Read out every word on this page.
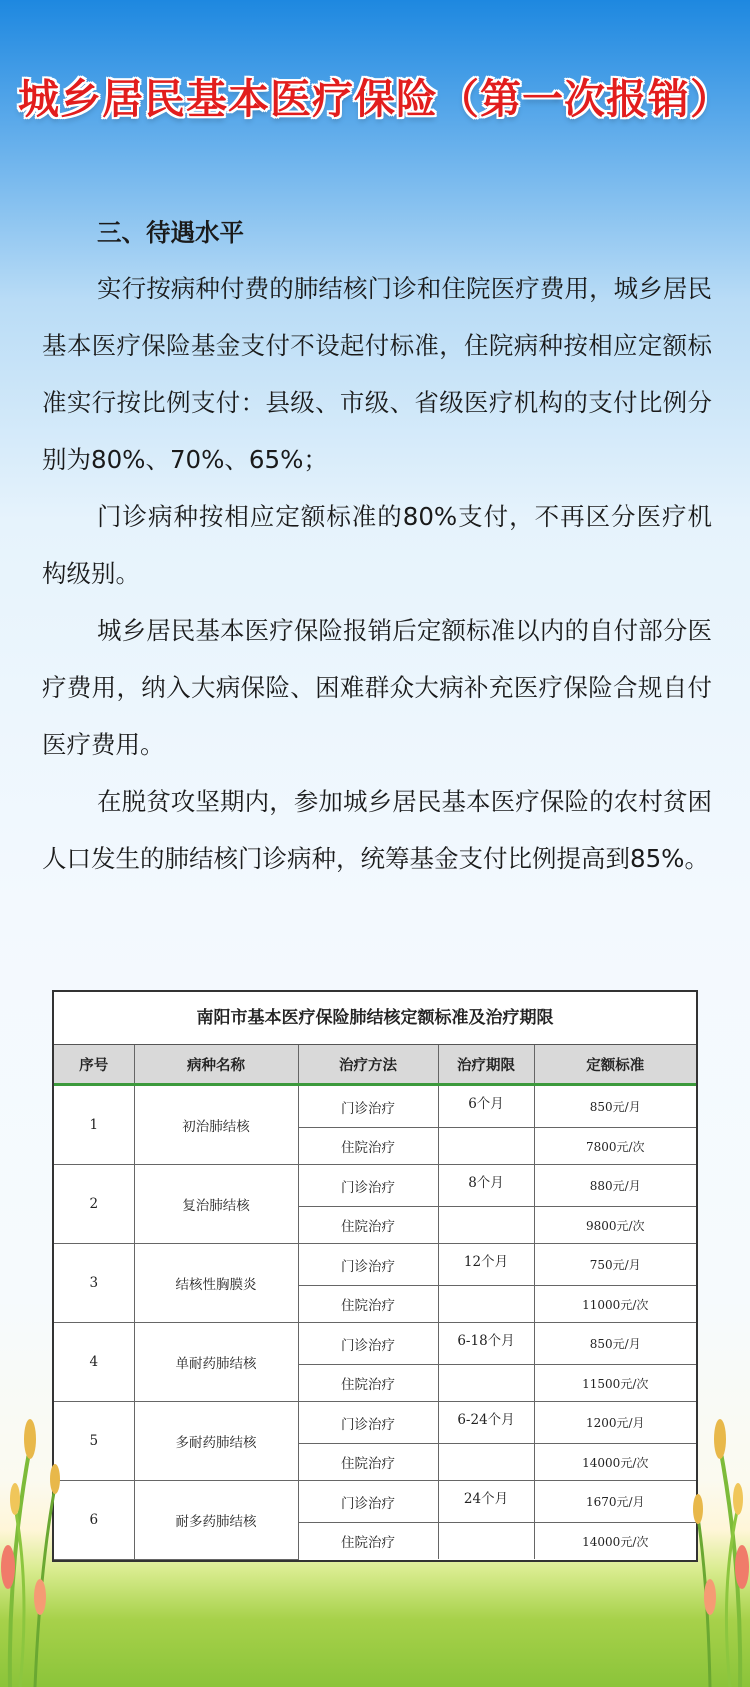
城乡居民基本医疗保险（第一次报销）
三、待遇水平

实行按病种付费的肺结核门诊和住院医疗费用，城乡居民基本医疗保险基金支付不设起付标准，住院病种按相应定额标准实行按比例支付：县级、市级、省级医疗机构的支付比例分别为80%、70%、65%；

门诊病种按相应定额标准的80%支付，不再区分医疗机构级别。

城乡居民基本医疗保险报销后定额标准以内的自付部分医疗费用，纳入大病保险、困难群众大病补充医疗保险合规自付医疗费用。

在脱贫攻坚期内，参加城乡居民基本医疗保险的农村贫困人口发生的肺结核门诊病种，统筹基金支付比例提高到85%。

南阳市基本医疗保险肺结核定额标准及治疗期限
序号	病种名称	治疗方法	治疗期限	定额标准
1	初治肺结核	门诊治疗	6个月	850元/月
		住院治疗		7800元/次
2	复治肺结核	门诊治疗	8个月	880元/月
		住院治疗		9800元/次
3	结核性胸膜炎	门诊治疗	12个月	750元/月
		住院治疗		11000元/次
4	单耐药肺结核	门诊治疗	6-18个月	850元/月
		住院治疗		11500元/次
5	多耐药肺结核	门诊治疗	6-24个月	1200元/月
		住院治疗		14000元/次
6	耐多药肺结核	门诊治疗	24个月	1670元/月
		住院治疗		14000元/次
